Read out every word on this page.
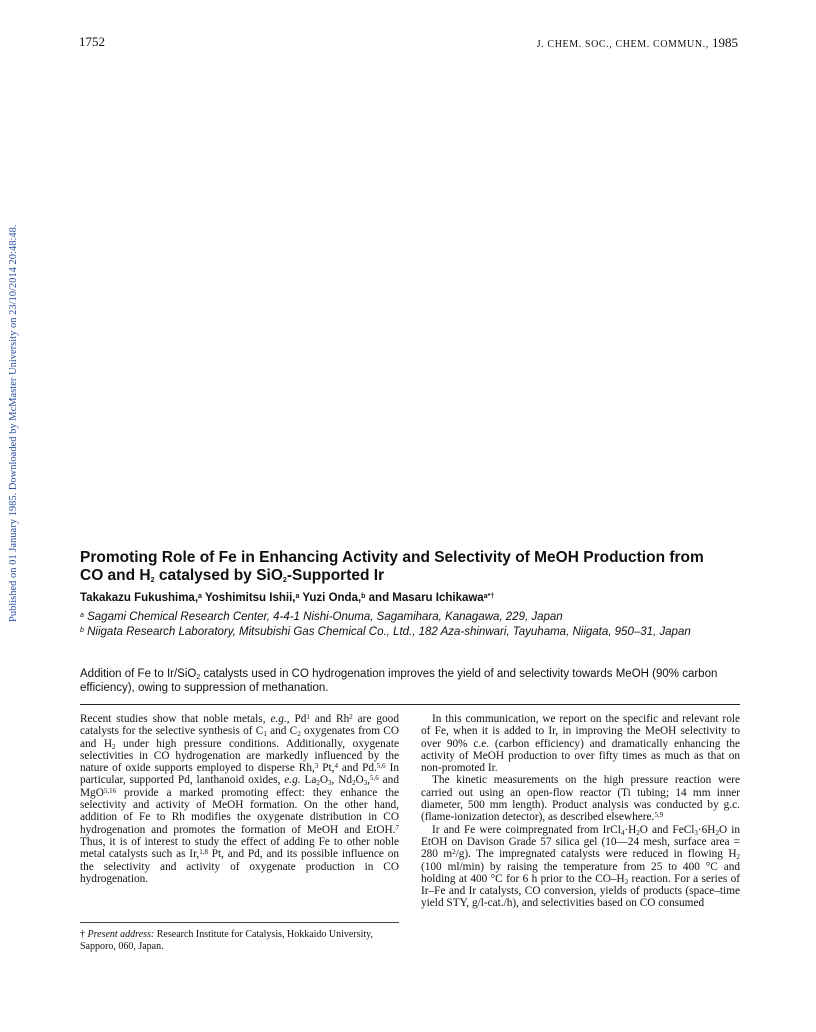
1752	J. CHEM. SOC., CHEM. COMMUN., 1985
Published on 01 January 1985. Downloaded by McMaster University on 23/10/2014 20:48:48.	Promoting Role of Fe in Enhancing Activity and Selectivity of MeOH Production from
CO and $H_2$ catalysed by SiO$_2$-Supported Ir
Takakazu Fukushima,$^a$ Yoshimitsu Ishii,$^a$ Yuzi Onda,$^b$ and Masaru Ichikawa$^{a*\dagger}$
$^a$ Sagami Chemical Research Center, 4-4-1 Nishi-Onuma, Sagamihara, Kanagawa, 229, Japan
$^b$ Niigata Research Laboratory, Mitsubishi Gas Chemical Co., Ltd., 182 Aza-shinwari, Tayuhama, Niigata, 950–31, Japan
Addition of Fe to Ir/SiO$_2$ catalysts used in CO hydrogenation improves the yield of and selectivity towards MeOH (90% carbon efficiency), owing to suppression of methanation.

Recent studies show that noble metals, e.g., Pd$^1$ and Rh$^2$ are good catalysts for the selective synthesis of $C_1$ and $C_2$ oxygenates from CO and $H_2$ under high pressure conditions. Additionally, oxygenate selectivities in CO hydrogenation are markedly influenced by the nature of oxide supports employed to disperse Rh,$^3$ Pt,$^4$ and Pd.$^{5,6}$ In particular, supported Pd, lanthanoid oxides, e.g. $La_2O_3$, $Nd_2O_3,^{5,6}$ and MgO$^{5,16}$ provide a marked promoting effect: they enhance the selectivity and activity of MeOH formation. On the other hand, addition of Fe to Rh modifies the oxygenate distribution in CO hydrogenation and promotes the formation of MeOH and EtOH.$^7$ Thus, it is of interest to study the effect of adding Fe to other noble metal catalysts such as Ir,$^{1,8}$ Pt, and Pd, and its possible influence on the selectivity and activity of oxygenate production in CO hydrogenation.

† Present address: Research Institute for Catalysis, Hokkaido University, Sapporo, 060, Japan.

In this communication, we report on the specific and relevant role of Fe, when it is added to Ir, in improving the MeOH selectivity to over 90% c.e. (carbon efficiency) and dramatically enhancing the activity of MeOH production to over fifty times as much as that on non-promoted Ir.

The kinetic measurements on the high pressure reaction were carried out using an open-flow reactor (Ti tubing; 14 mm inner diameter, 500 mm length). Product analysis was conducted by g.c. (flame-ionization detector), as described elsewhere.$^{5,9}$

Ir and Fe were coimpregnated from $IrCl_4\cdot H_2O$ and $FeCl_3\cdot 6H_2O$ in EtOH on Davison Grade 57 silica gel (10—24 mesh, surface area = 280 $m^2/g$). The impregnated catalysts were reduced in flowing $H_2$ (100 ml/min) by raising the temperature from 25 to 400 °C and holding at 400 °C for 6 h prior to the $CO-H_2$ reaction. For a series of Ir–Fe and Ir catalysts, CO conversion, yields of products (space–time yield STY, g/l-cat./h), and selectivities based on CO consumed
